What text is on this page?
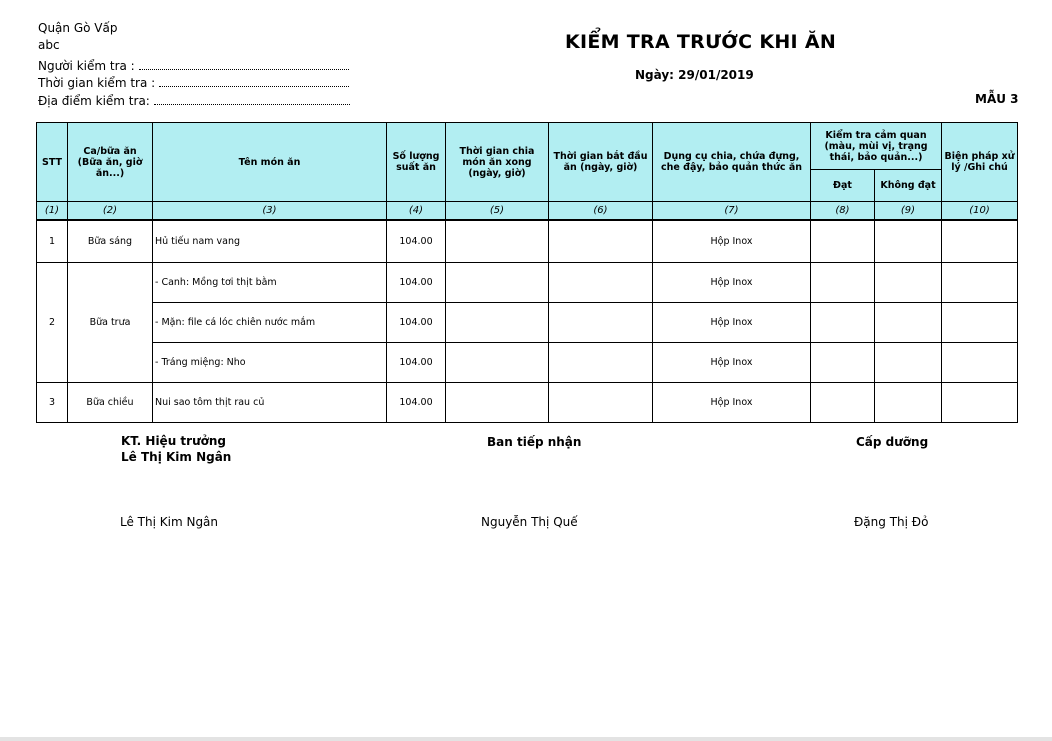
Quận Gò Vấp
abc
Người kiểm tra :
Thời gian kiểm tra :
Địa điểm kiểm tra:
KIỂM TRA TRƯỚC KHI ĂN
Ngày: 29/01/2019
MẪU 3
STT	Ca/bữa ăn (Bữa ăn, giờ ăn...)	Tên món ăn	Số lượng suất ăn	Thời gian chia món ăn xong (ngày, giờ)	Thời gian bắt đầu ăn (ngày, giờ)	Dụng cụ chia, chứa đựng, che đậy, bảo quản thức ăn	Kiểm tra cảm quan (màu, mùi vị, trạng thái, bảo quản...)		Biện pháp xử lý /Ghi chú
							Đạt	Không đạt	
(1)	(2)	(3)	(4)	(5)	(6)	(7)	(8)	(9)	(10)
1	Bữa sáng	Hủ tiếu nam vang	104.00			Hộp Inox			
2	Bữa trưa	- Canh: Mồng tơi thịt bằm	104.00			Hộp Inox			
		- Mặn: file cá lóc chiên nước mắm	104.00			Hộp Inox			
		- Tráng miệng: Nho	104.00			Hộp Inox			
3	Bữa chiều	Nui sao tôm thịt rau củ	104.00			Hộp Inox			
KT. Hiệu trưởng
Lê Thị Kim Ngân
Ban tiếp nhận	Cấp dưỡng
Lê Thị Kim Ngân	Nguyễn Thị Quế	Đặng Thị Đỏ
